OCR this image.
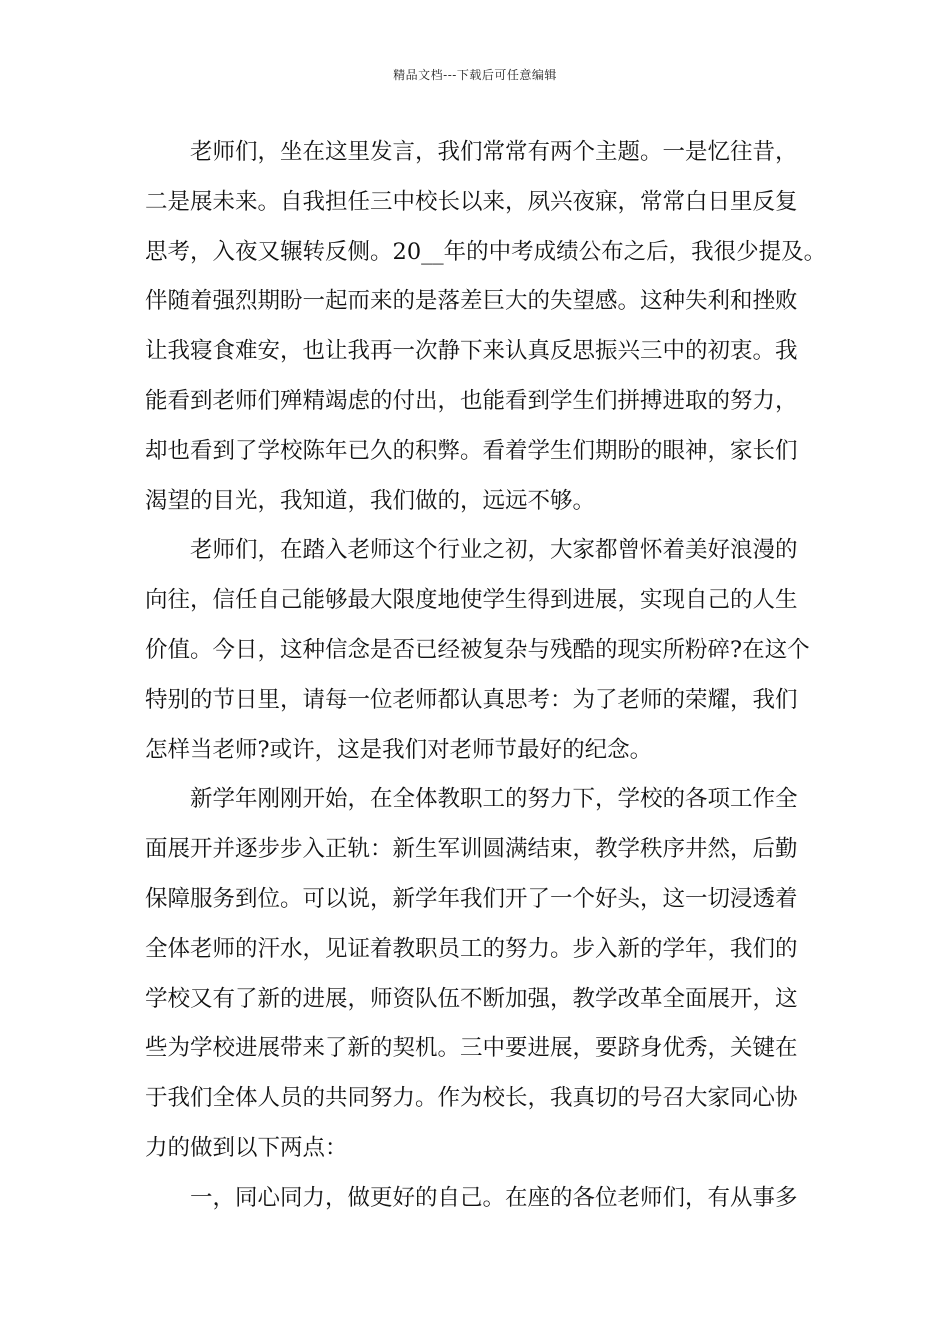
精品文档---下载后可任意编辑
老师们，坐在这里发言，我们常常有两个主题。一是忆往昔，
二是展未来。自我担任三中校长以来，夙兴夜寐，常常白日里反复
思考，入夜又辗转反侧。20__年的中考成绩公布之后，我很少提及。
伴随着强烈期盼一起而来的是落差巨大的失望感。这种失利和挫败
让我寝食难安，也让我再一次静下来认真反思振兴三中的初衷。我
能看到老师们殚精竭虑的付出，也能看到学生们拼搏进取的努力，
却也看到了学校陈年已久的积弊。看着学生们期盼的眼神，家长们
渴望的目光，我知道，我们做的，远远不够。
老师们，在踏入老师这个行业之初，大家都曾怀着美好浪漫的
向往，信任自己能够最大限度地使学生得到进展，实现自己的人生
价值。今日，这种信念是否已经被复杂与残酷的现实所粉碎?在这个
特别的节日里，请每一位老师都认真思考：为了老师的荣耀，我们
怎样当老师?或许，这是我们对老师节最好的纪念。
新学年刚刚开始，在全体教职工的努力下，学校的各项工作全
面展开并逐步步入正轨：新生军训圆满结束，教学秩序井然，后勤
保障服务到位。可以说，新学年我们开了一个好头，这一切浸透着
全体老师的汗水，见证着教职员工的努力。步入新的学年，我们的
学校又有了新的进展，师资队伍不断加强，教学改革全面展开，这
些为学校进展带来了新的契机。三中要进展，要跻身优秀，关键在
于我们全体人员的共同努力。作为校长，我真切的号召大家同心协
力的做到以下两点：
一，同心同力，做更好的自己。在座的各位老师们，有从事多
